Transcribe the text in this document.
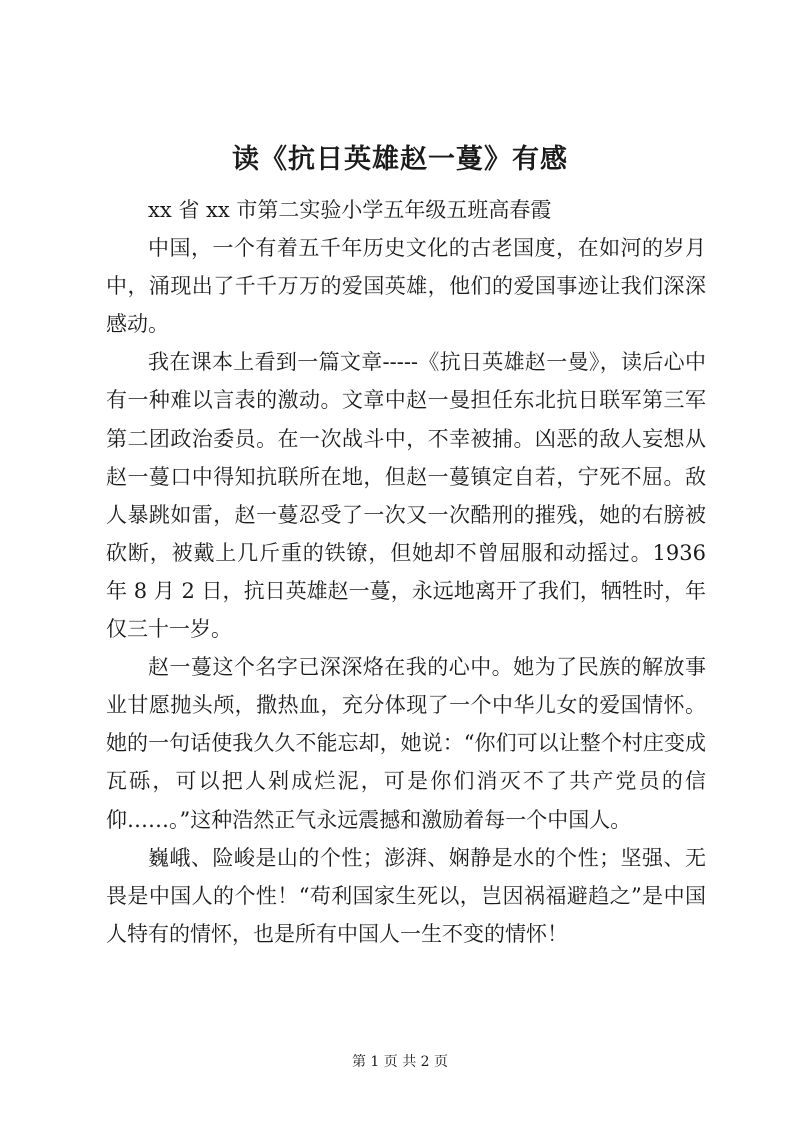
读《抗日英雄赵一蔓》有感

xx 省 xx 市第二实验小学五年级五班高春霞

中国，一个有着五千年历史文化的古老国度，在如河的岁月中，涌现出了千千万万的爱国英雄，他们的爱国事迹让我们深深感动。

我在课本上看到一篇文章-----《抗日英雄赵一曼》，读后心中有一种难以言表的激动。文章中赵一曼担任东北抗日联军第三军第二团政治委员。在一次战斗中，不幸被捕。凶恶的敌人妄想从赵一蔓口中得知抗联所在地，但赵一蔓镇定自若，宁死不屈。敌人暴跳如雷，赵一蔓忍受了一次又一次酷刑的摧残，她的右膀被砍断，被戴上几斤重的铁镣，但她却不曾屈服和动摇过。1936 年 8 月 2 日，抗日英雄赵一蔓，永远地离开了我们，牺牲时，年仅三十一岁。

赵一蔓这个名字已深深烙在我的心中。她为了民族的解放事业甘愿抛头颅，撒热血，充分体现了一个中华儿女的爱国情怀。她的一句话使我久久不能忘却，她说：“你们可以让整个村庄变成瓦砾，可以把人剁成烂泥，可是你们消灭不了共产党员的信仰……。”这种浩然正气永远震撼和激励着每一个中国人。

巍峨、险峻是山的个性；澎湃、娴静是水的个性；坚强、无畏是中国人的个性！“苟利国家生死以，岂因祸福避趋之”是中国人特有的情怀，也是所有中国人一生不变的情怀！

第 1 页 共 2 页
